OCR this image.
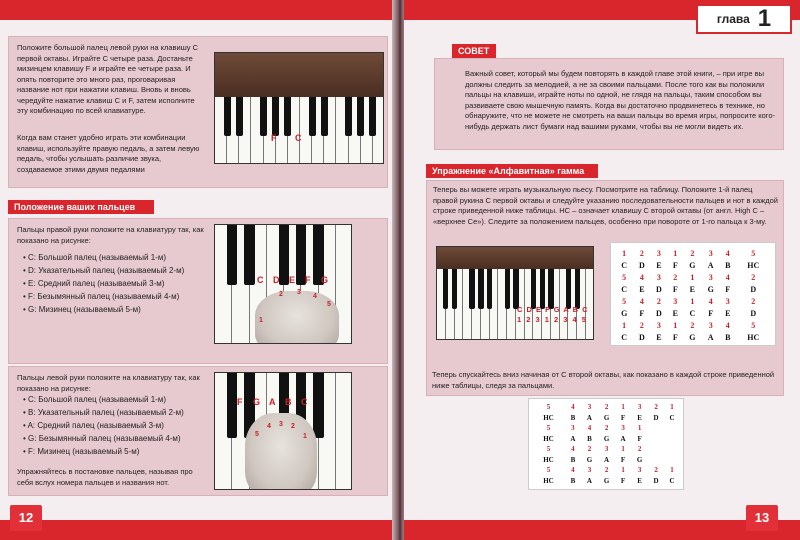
Положите большой палец левой руки на клавишу С первой октавы. Играйте С четыре раза. Достаньте мизинцем клавишу F и играйте ее четыре раза. И опять повторите это много раз, проговаривая название нот при нажатии клавиш. Вновь и вновь чередуйте нажатие клавиш С и F, затем исполните эту комбинацию по всей клавиатуре.

Когда вам станет удобно играть эти комбинации клавиш, используйте правую педаль, а затем левую педаль, чтобы услышать различие звука, создаваемое этими двумя педалями

F C
Положение ваших пальцев

Пальцы правой руки положите на клавиатуру так, как показано на рисунке:

• С: Большой палец (называемый 1-м)
• D: Указательный палец (называемый 2-м)
• E: Средний палец (называемый 3-м)
• F: Безымянный палец (называемый 4-м)
• G: Мизинец (называемый 5-м)
C D E F G
1
2 3
4
5

Пальцы левой руки положите на клавиатуру так, как показано на рисунке:

• С: Большой палец (называемый 1-м)
• B: Указательный палец (называемый 2-м)
• A: Средний палец (называемый 3-м)
• G: Безымянный палец (называемый 4-м)
• F: Мизинец (называемый 5-м)

Упражняйтесь в постановке пальцев, называя про себя вслух номера пальцев и названия нот.

F G A B C
5
4 3 2
1
12
глава 1
СОВЕТ

Важный совет, который мы будем повторять в каждой главе этой книги, – при игре вы должны следить за мелодией, а не за своими пальцами. После того как вы положили пальцы на клавиши, играйте ноты по одной, не глядя на пальцы, таким способом вы развиваете свою мышечную память. Когда вы достаточно продвинетесь в технике, но обнаружите, что не можете не смотреть на ваши пальцы во время игры, попросите кого-нибудь держать лист бумаги над вашими руками, чтобы вы не могли видеть их.

Упражнение «Алфавитная» гамма

Теперь вы можете играть музыкальную пьесу. Посмотрите на таблицу. Положите 1-й палец правой рукина С первой октавы и следуйте указанию последовательности пальцев и нот в каждой строке приведенной ниже таблицы. HC – означает клавишу С второй октавы (от англ. High C – «верхнее Cе»). Следите за положением пальцев, особенно при повороте от 1-го пальца к 3-му.

C D E F G A B C
1 2 3 1 2 3 4 5
1	2	3	1	2	3	4	5
C	D	E	F	G	A	B	HC
5	4	3	2	1	3	4	2
C	E	D	F	E	G	F	D
5	4	2	3	1	4	3	2
G	F	D	E	C	F	E	D
1	2	3	1	2	3	4	5
C	D	E	F	G	A	B	HC

Теперь спускайтесь вниз начиная от С второй октавы, как показано в каждой строке приведенной ниже таблицы, следя за пальцами.

5	4	3	2	1	3	2	1
HC	B	A	G	F	E	D	C
5	3	4	2	3	1		
HC	A	B	G	A	F		
5	4	2	3	1	2		
HC	B	G	A	F	G		
5	4	3	2	1	3	2	1
HC	B	A	G	F	E	D	C
13
